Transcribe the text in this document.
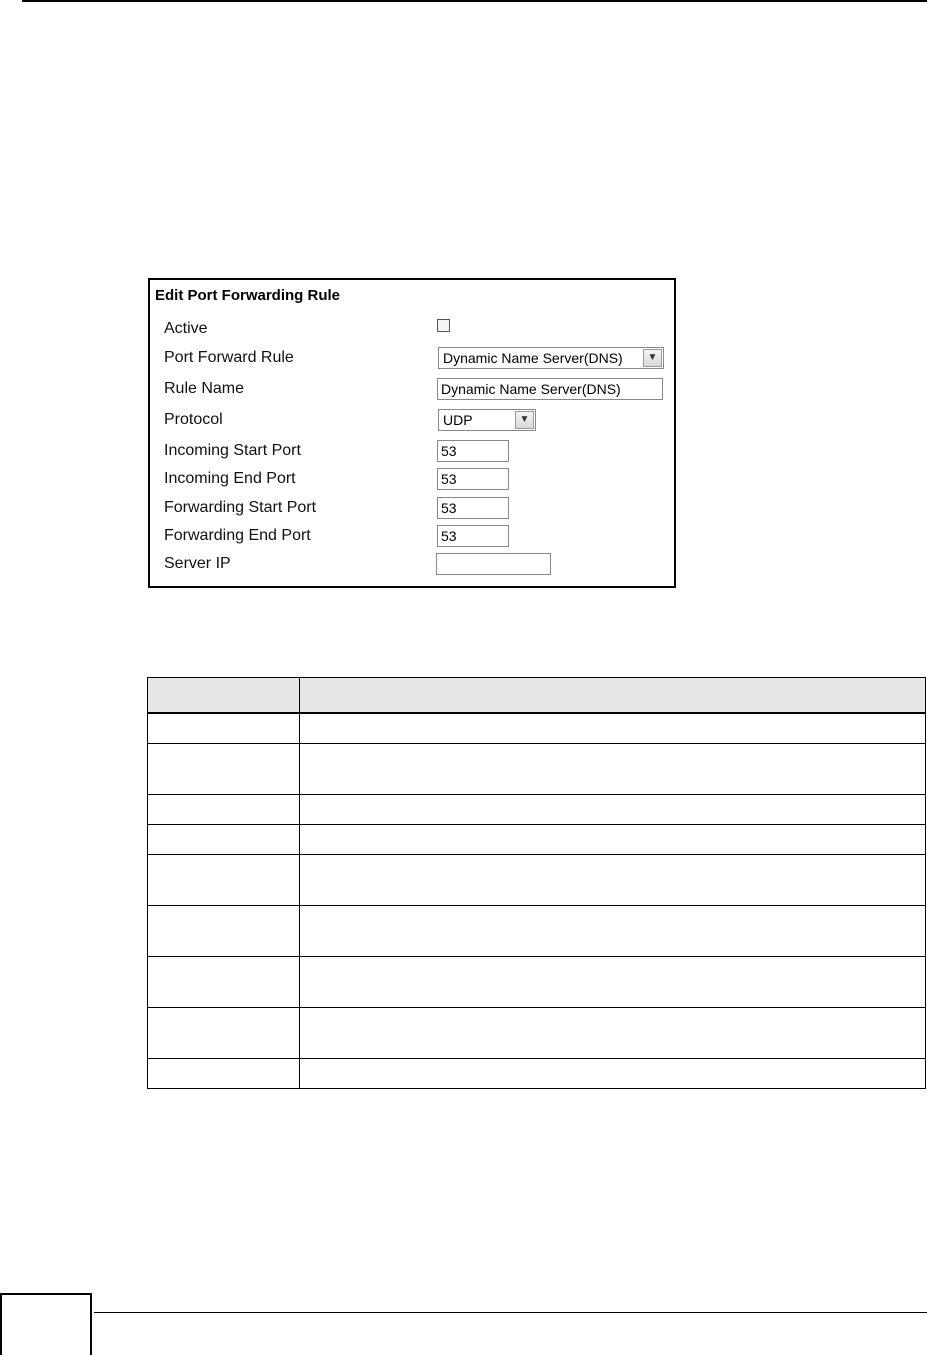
Edit Port Forwarding Rule
Active
Port Forward Rule	Dynamic Name Server(DNS)	▼
Rule Name	Dynamic Name Server(DNS)
Protocol	UDP	▼
Incoming Start Port	53
Incoming End Port	53
Forwarding Start Port	53
Forwarding End Port	53
Server IP
